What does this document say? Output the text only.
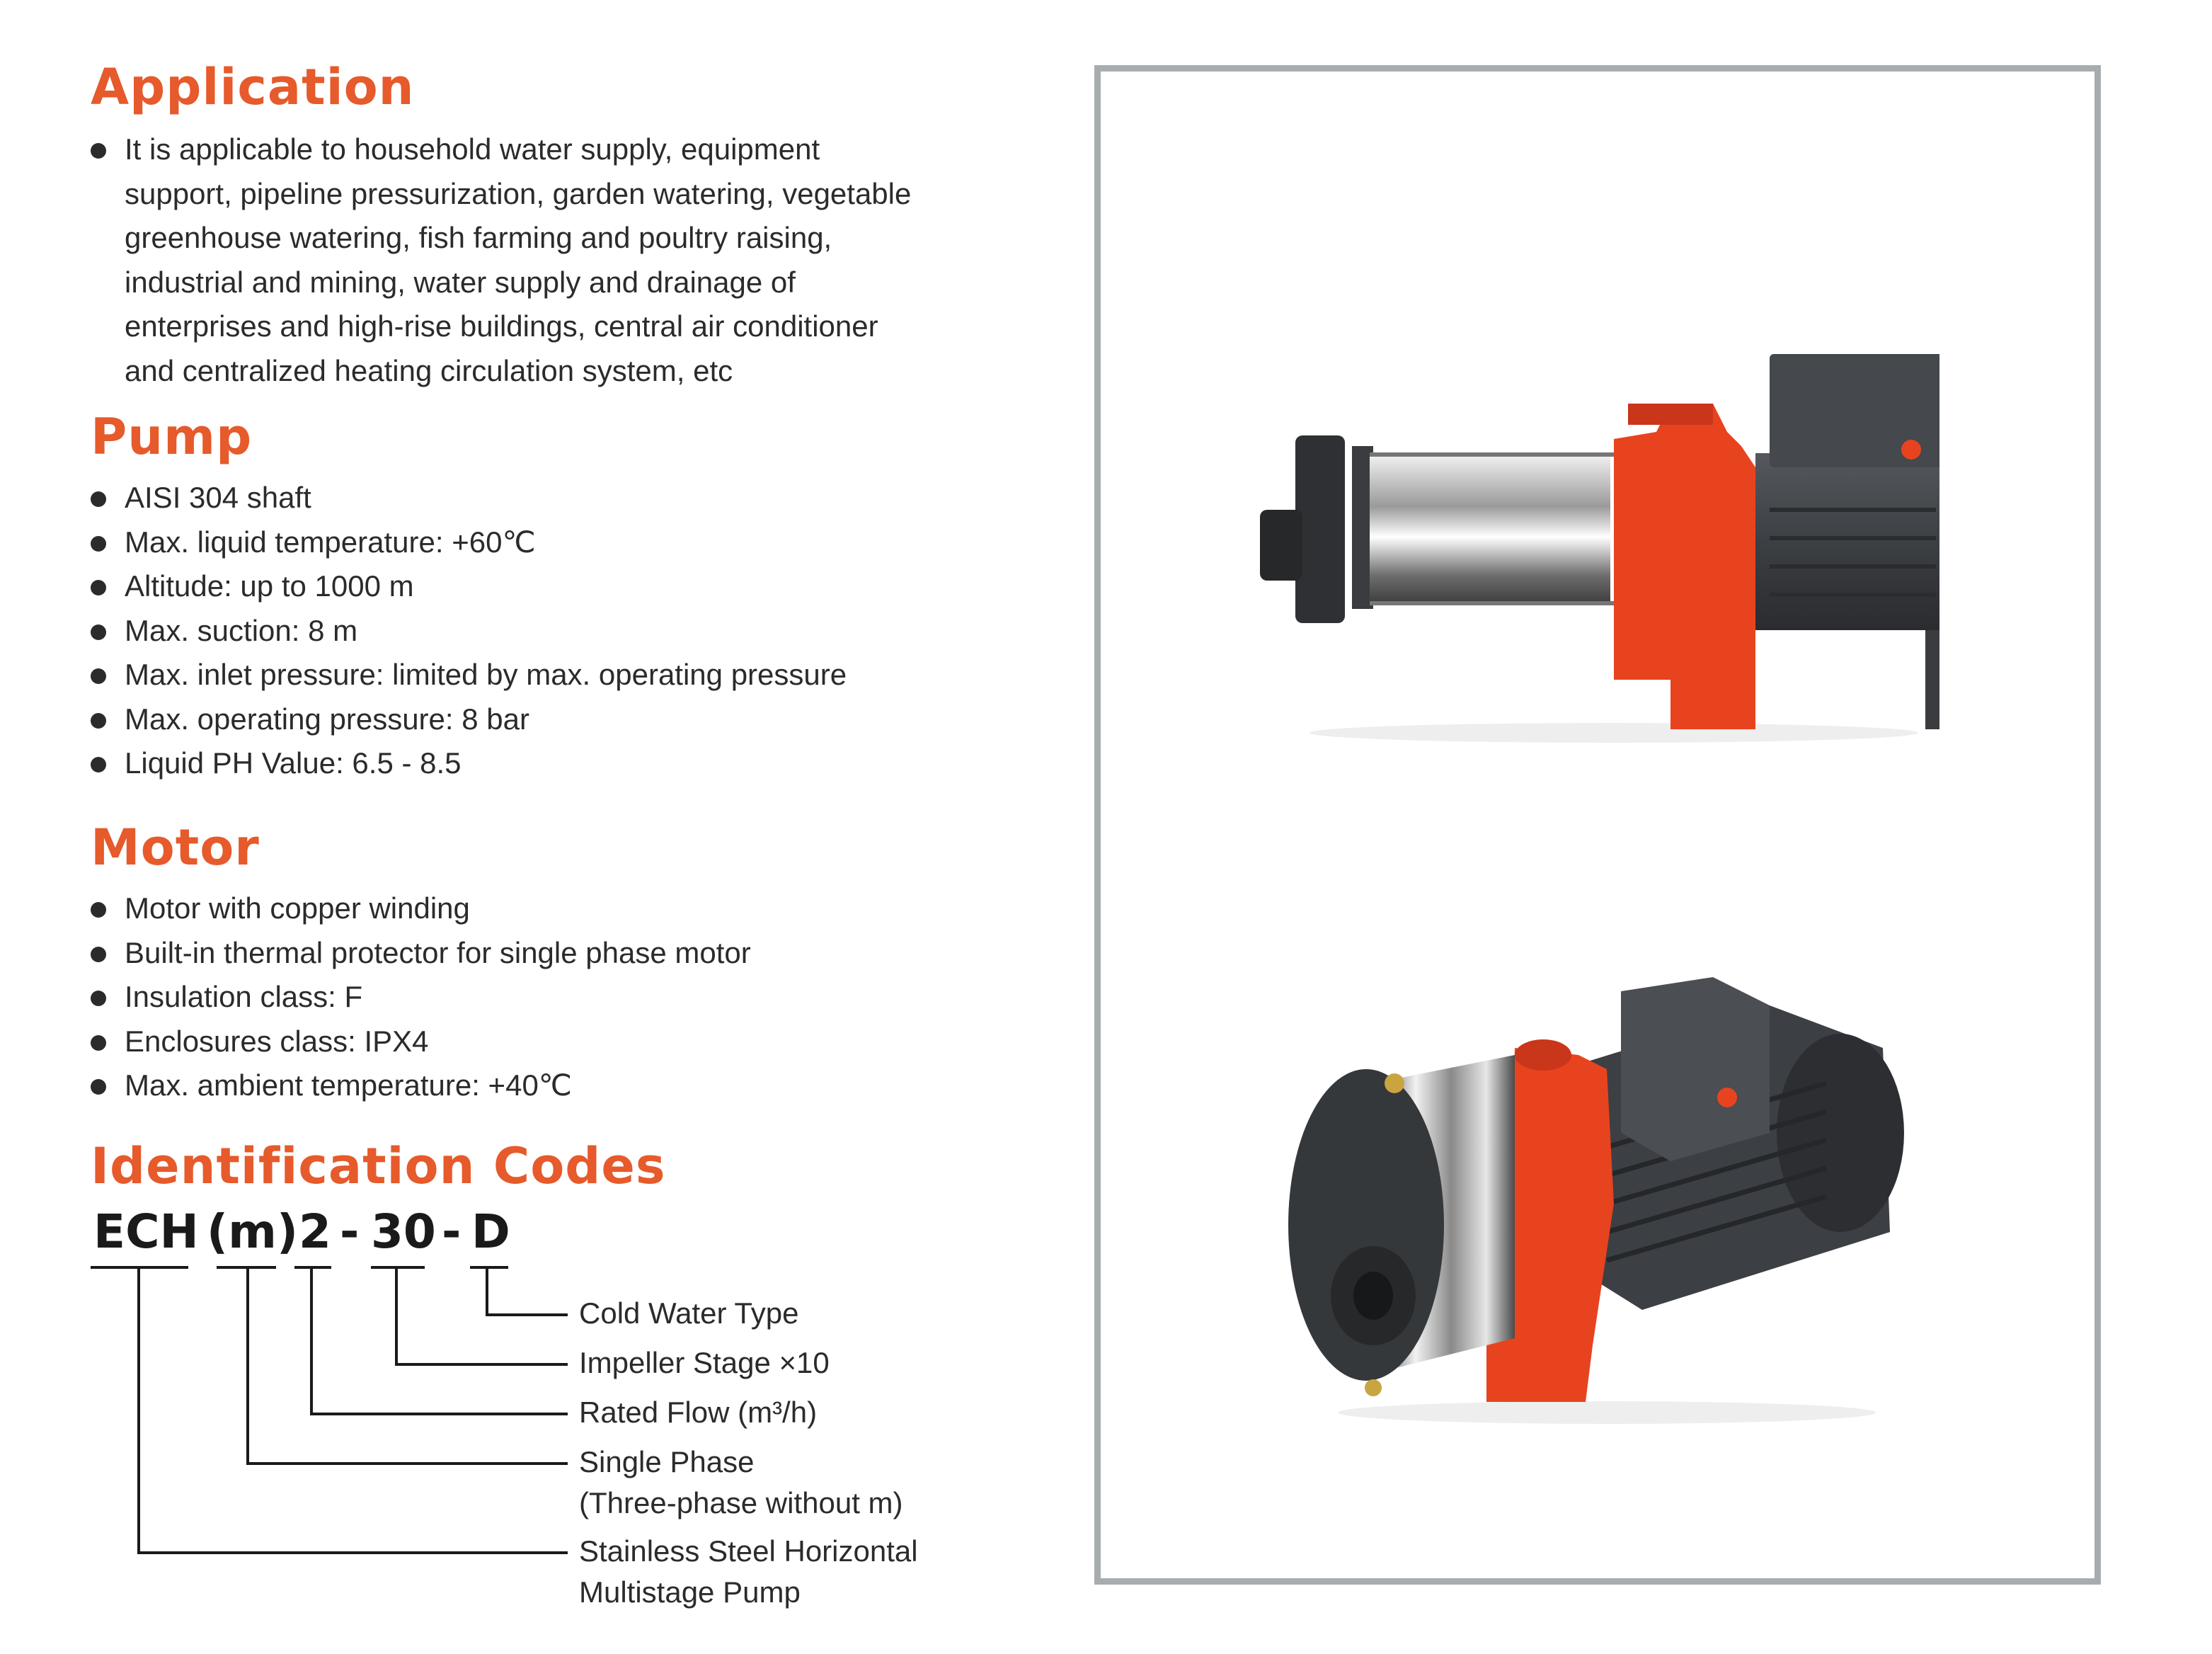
Application
It is applicable to household water supply, equipment
support, pipeline pressurization, garden watering, vegetable
greenhouse watering, fish farming and poultry raising,
industrial and mining, water supply and drainage of
enterprises and high-rise buildings, central air conditioner
and centralized heating circulation system, etc
Pump
AISI 304 shaft
Max. liquid temperature: +60℃
Altitude: up to 1000 m
Max. suction: 8 m
Max. inlet pressure: limited by max. operating pressure
Max. operating pressure: 8 bar
Liquid PH Value: 6.5 - 8.5
Motor
Motor with copper winding
Built-in thermal protector for single phase motor
Insulation class: F
Enclosures class: IPX4
Max. ambient temperature: +40℃
Identification Codes
ECH (m) 2 - 30 - D
Cold Water Type
Impeller Stage ×10
Rated Flow (m³/h)
Single Phase
(Three-phase without m)
Stainless Steel Horizontal
Multistage Pump
